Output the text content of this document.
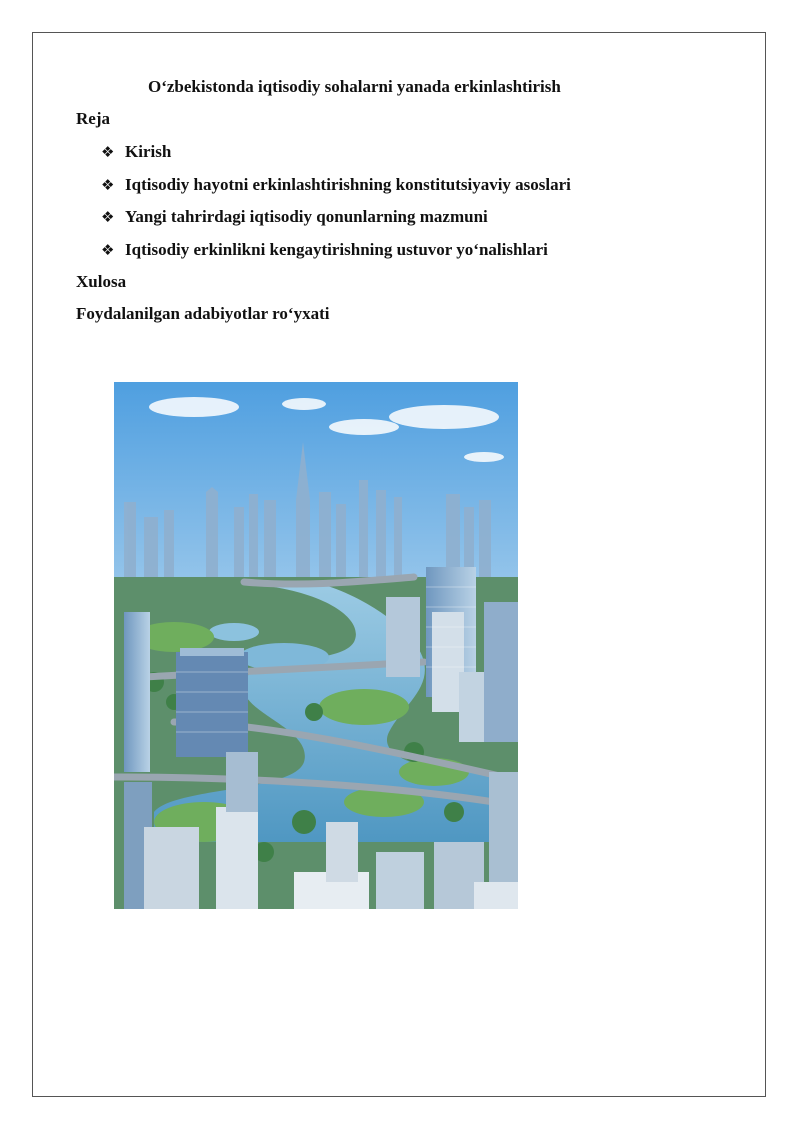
O‘zbekistonda iqtisodiy sohalarni yanada erkinlashtirish
Reja
❖ Kirish
❖ Iqtisodiy hayotni erkinlashtirishning konstitutsiyaviy asoslari
❖ Yangi tahrirdagi iqtisodiy qonunlarning mazmuni
❖ Iqtisodiy erkinlikni kengaytirishning ustuvor yo‘nalishlari
Xulosa
Foydalanilgan adabiyotlar ro‘yxati
